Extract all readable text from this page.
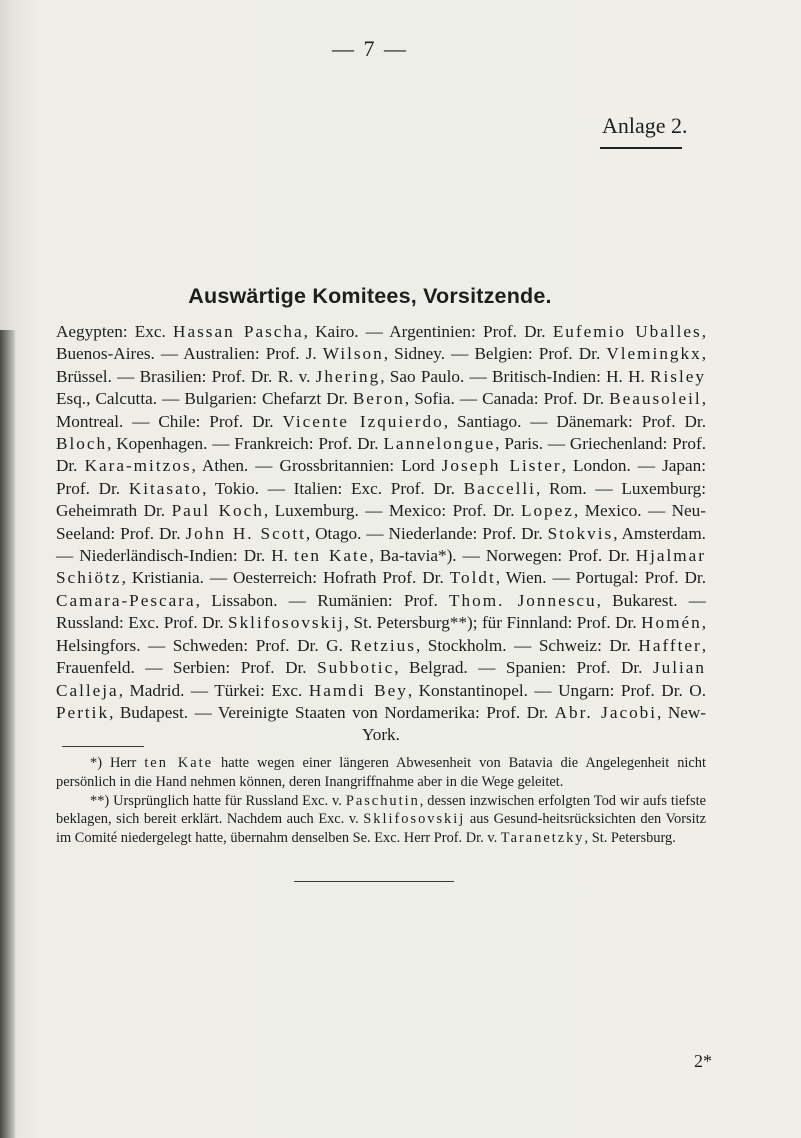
— 7 —
Anlage 2.
Auswärtige Komitees, Vorsitzende.

Aegypten: Exc. Hassan Pascha, Kairo. — Argentinien: Prof. Dr. Eufemio Uballes, Buenos-Aires. — Australien: Prof. J. Wilson, Sidney. — Belgien: Prof. Dr. Vlemingkx, Brüssel. — Brasilien: Prof. Dr. R. v. Jhering, Sao Paulo. — Britisch-Indien: H. H. Risley Esq., Calcutta. — Bulgarien: Chefarzt Dr. Beron, Sofia. — Canada: Prof. Dr. Beausoleil, Montreal. — Chile: Prof. Dr. Vicente Izquierdo, Santiago. — Dänemark: Prof. Dr. Bloch, Kopenhagen. — Frankreich: Prof. Dr. Lannelongue, Paris. — Griechenland: Prof. Dr. Kara-mitzos, Athen. — Grossbritannien: Lord Joseph Lister, London. — Japan: Prof. Dr. Kitasato, Tokio. — Italien: Exc. Prof. Dr. Baccelli, Rom. — Luxemburg: Geheimrath Dr. Paul Koch, Luxemburg. — Mexico: Prof. Dr. Lopez, Mexico. — Neu-Seeland: Prof. Dr. John H. Scott, Otago. — Niederlande: Prof. Dr. Stokvis, Amsterdam. — Niederländisch-Indien: Dr. H. ten Kate, Ba-tavia*). — Norwegen: Prof. Dr. Hjalmar Schiötz, Kristiania. — Oesterreich: Hofrath Prof. Dr. Toldt, Wien. — Portugal: Prof. Dr. Camara-Pescara, Lissabon. — Rumänien: Prof. Thom. Jonnescu, Bukarest. — Russland: Exc. Prof. Dr. Sklifosovskij, St. Petersburg**); für Finnland: Prof. Dr. Homén, Helsingfors. — Schweden: Prof. Dr. G. Retzius, Stockholm. — Schweiz: Dr. Haffter, Frauenfeld. — Serbien: Prof. Dr. Subbotic, Belgrad. — Spanien: Prof. Dr. Julian Calleja, Madrid. — Türkei: Exc. Hamdi Bey, Konstantinopel. — Ungarn: Prof. Dr. O. Pertik, Budapest. — Vereinigte Staaten von Nordamerika: Prof. Dr. Abr. Jacobi, New-York.

*) Herr ten Kate hatte wegen einer längeren Abwesenheit von Batavia die Angelegenheit nicht persönlich in die Hand nehmen können, deren Inangriffnahme aber in die Wege geleitet.

**) Ursprünglich hatte für Russland Exc. v. Paschutin, dessen inzwischen erfolgten Tod wir aufs tiefste beklagen, sich bereit erklärt. Nachdem auch Exc. v. Sklifosovskij aus Gesund-heitsrücksichten den Vorsitz im Comité niedergelegt hatte, übernahm denselben Se. Exc. Herr Prof. Dr. v. Taranetzky, St. Petersburg.

2*
